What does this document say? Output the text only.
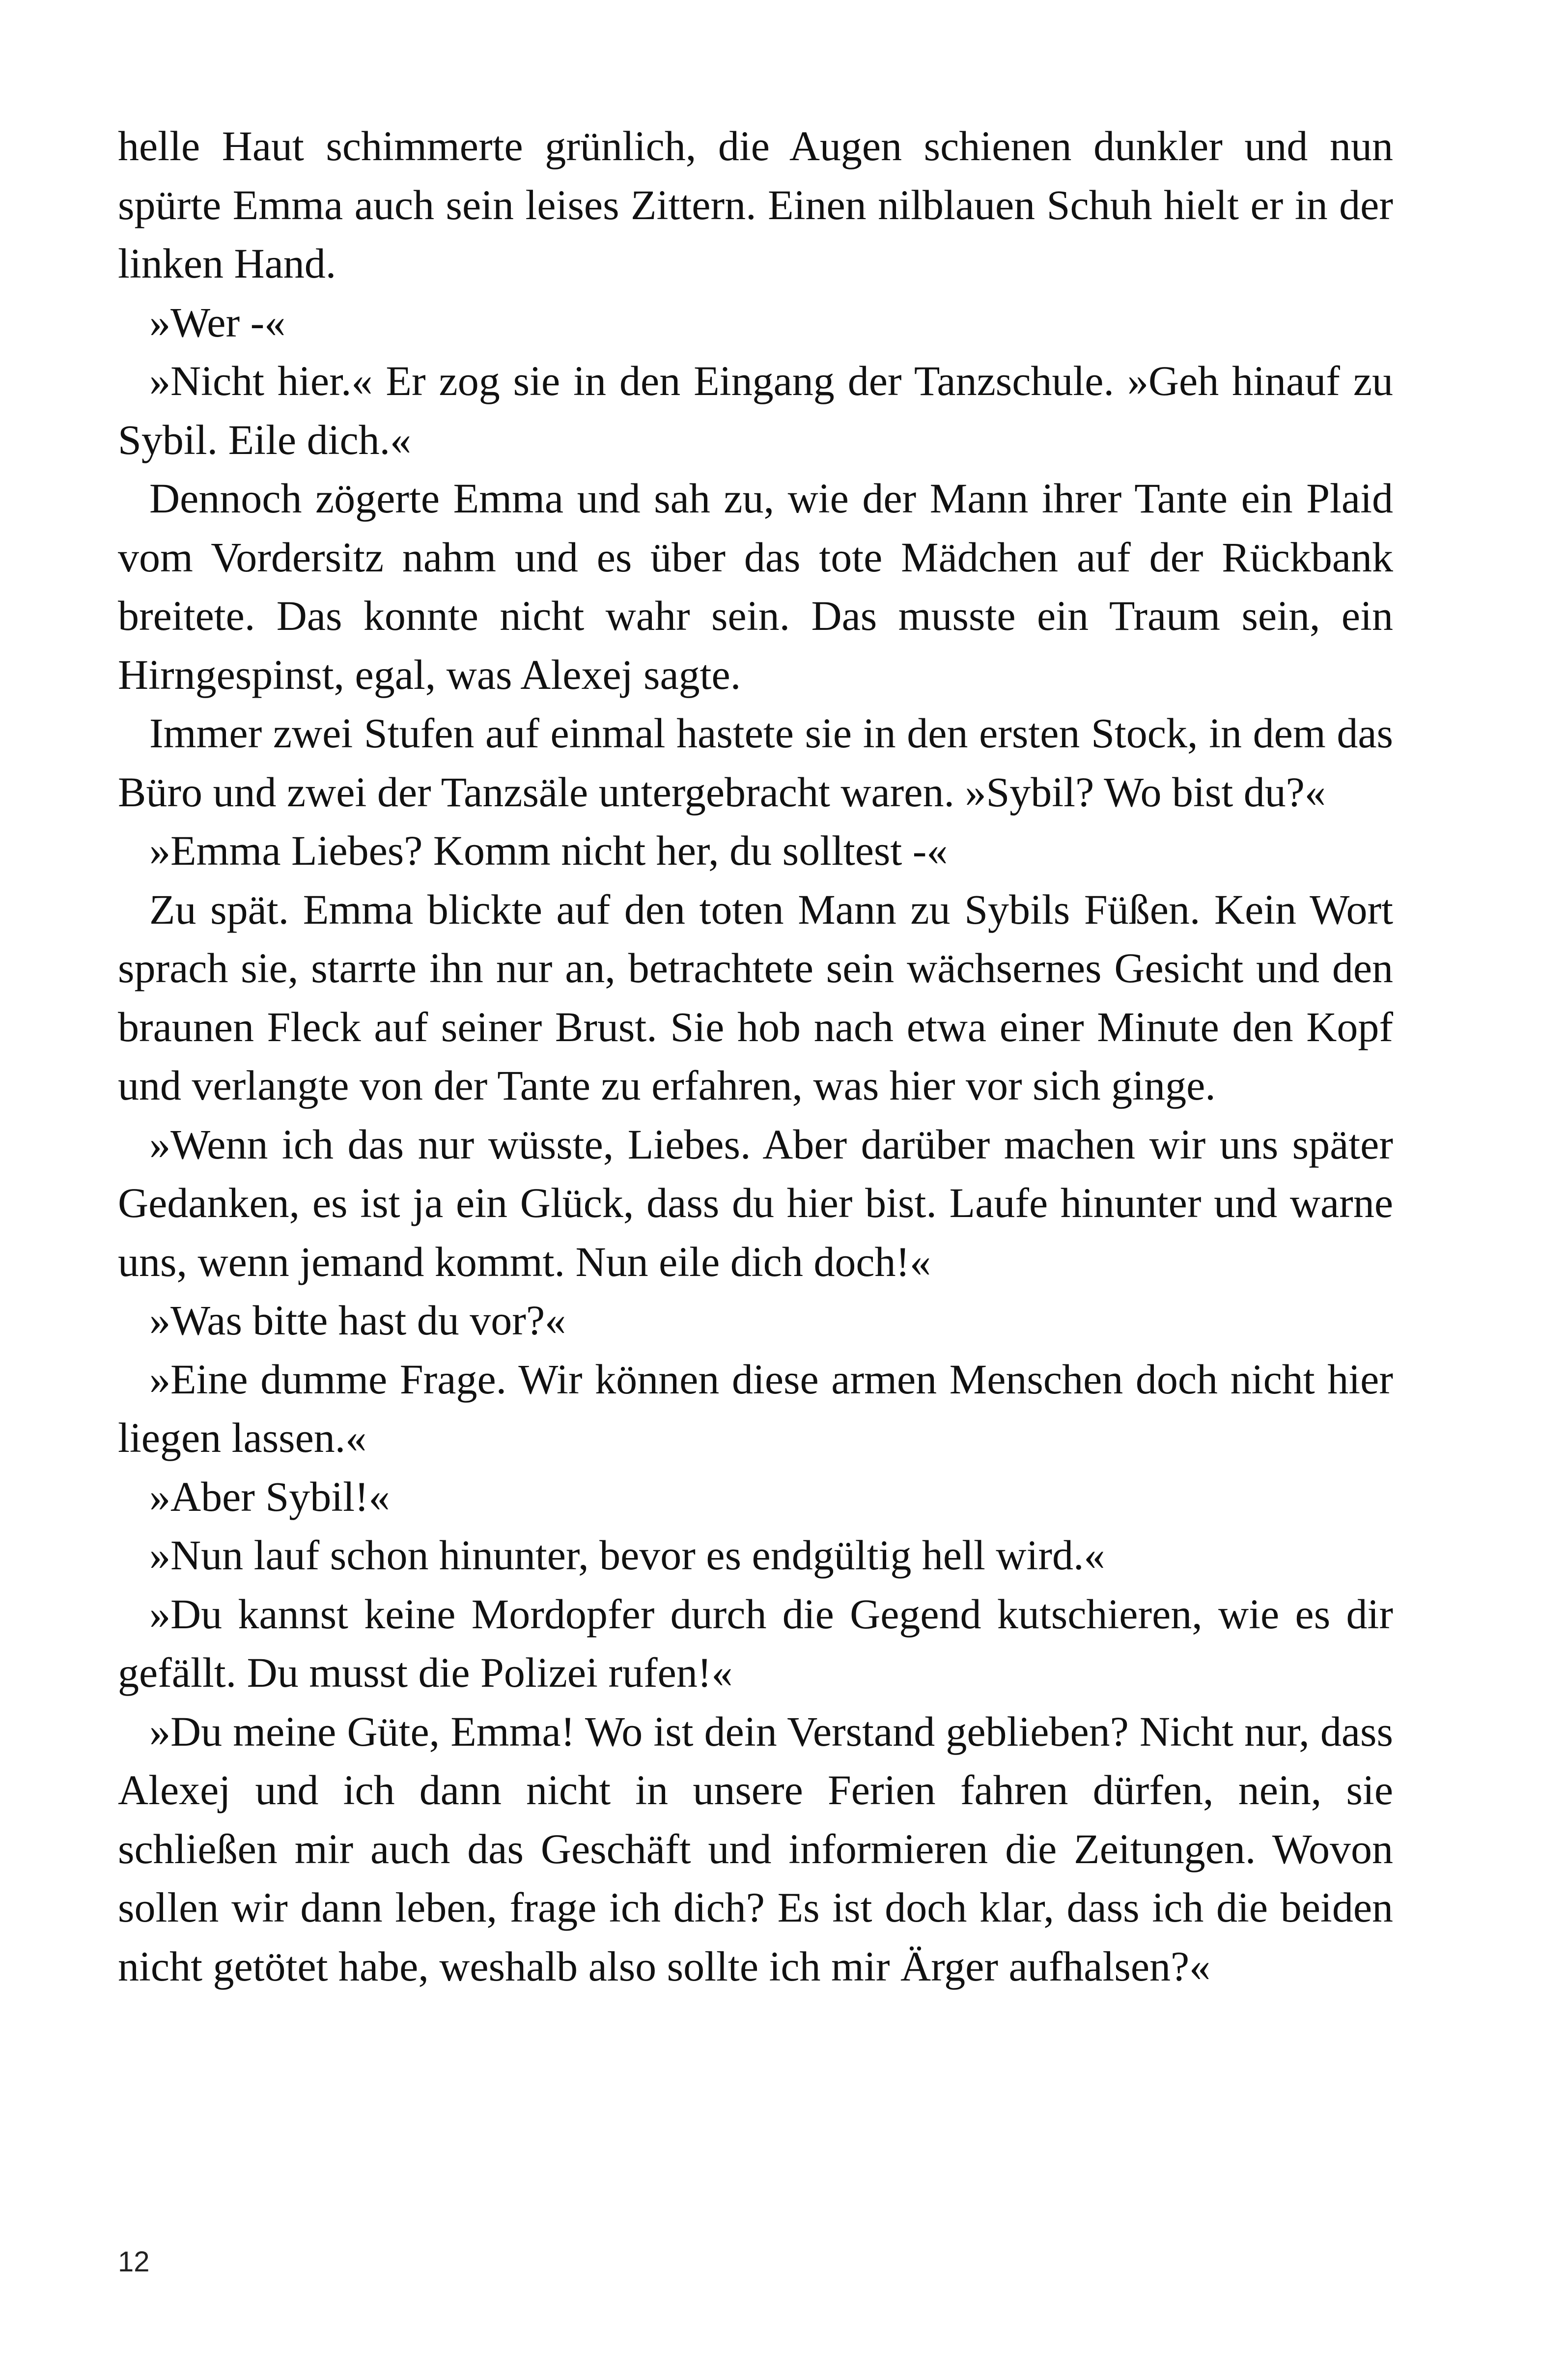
helle Haut schimmerte grünlich, die Augen schienen dunkler und nun spürte Emma auch sein leises Zittern. Einen nilblauen Schuh hielt er in der linken Hand.

»Wer -«

»Nicht hier.« Er zog sie in den Eingang der Tanzschule. »Geh hinauf zu Sybil. Eile dich.«

Dennoch zögerte Emma und sah zu, wie der Mann ihrer Tante ein Plaid vom Vordersitz nahm und es über das tote Mädchen auf der Rückbank breitete. Das konnte nicht wahr sein. Das musste ein Traum sein, ein Hirngespinst, egal, was Alexej sagte.

Immer zwei Stufen auf einmal hastete sie in den ersten Stock, in dem das Büro und zwei der Tanzsäle untergebracht waren. »Sybil? Wo bist du?«

»Emma Liebes? Komm nicht her, du solltest -«

Zu spät. Emma blickte auf den toten Mann zu Sybils Füßen. Kein Wort sprach sie, starrte ihn nur an, betrachtete sein wächsernes Gesicht und den braunen Fleck auf seiner Brust. Sie hob nach etwa einer Minute den Kopf und verlangte von der Tante zu erfahren, was hier vor sich ginge.

»Wenn ich das nur wüsste, Liebes. Aber darüber machen wir uns später Gedanken, es ist ja ein Glück, dass du hier bist. Laufe hinunter und warne uns, wenn jemand kommt. Nun eile dich doch!«

»Was bitte hast du vor?«

»Eine dumme Frage. Wir können diese armen Menschen doch nicht hier liegen lassen.«

»Aber Sybil!«

»Nun lauf schon hinunter, bevor es endgültig hell wird.«

»Du kannst keine Mordopfer durch die Gegend kutschieren, wie es dir gefällt. Du musst die Polizei rufen!«

»Du meine Güte, Emma! Wo ist dein Verstand geblieben? Nicht nur, dass Alexej und ich dann nicht in unsere Ferien fahren dürfen, nein, sie schließen mir auch das Geschäft und informieren die Zeitungen. Wovon sollen wir dann leben, frage ich dich? Es ist doch klar, dass ich die beiden nicht getötet habe, weshalb also sollte ich mir Ärger aufhalsen?«

12
